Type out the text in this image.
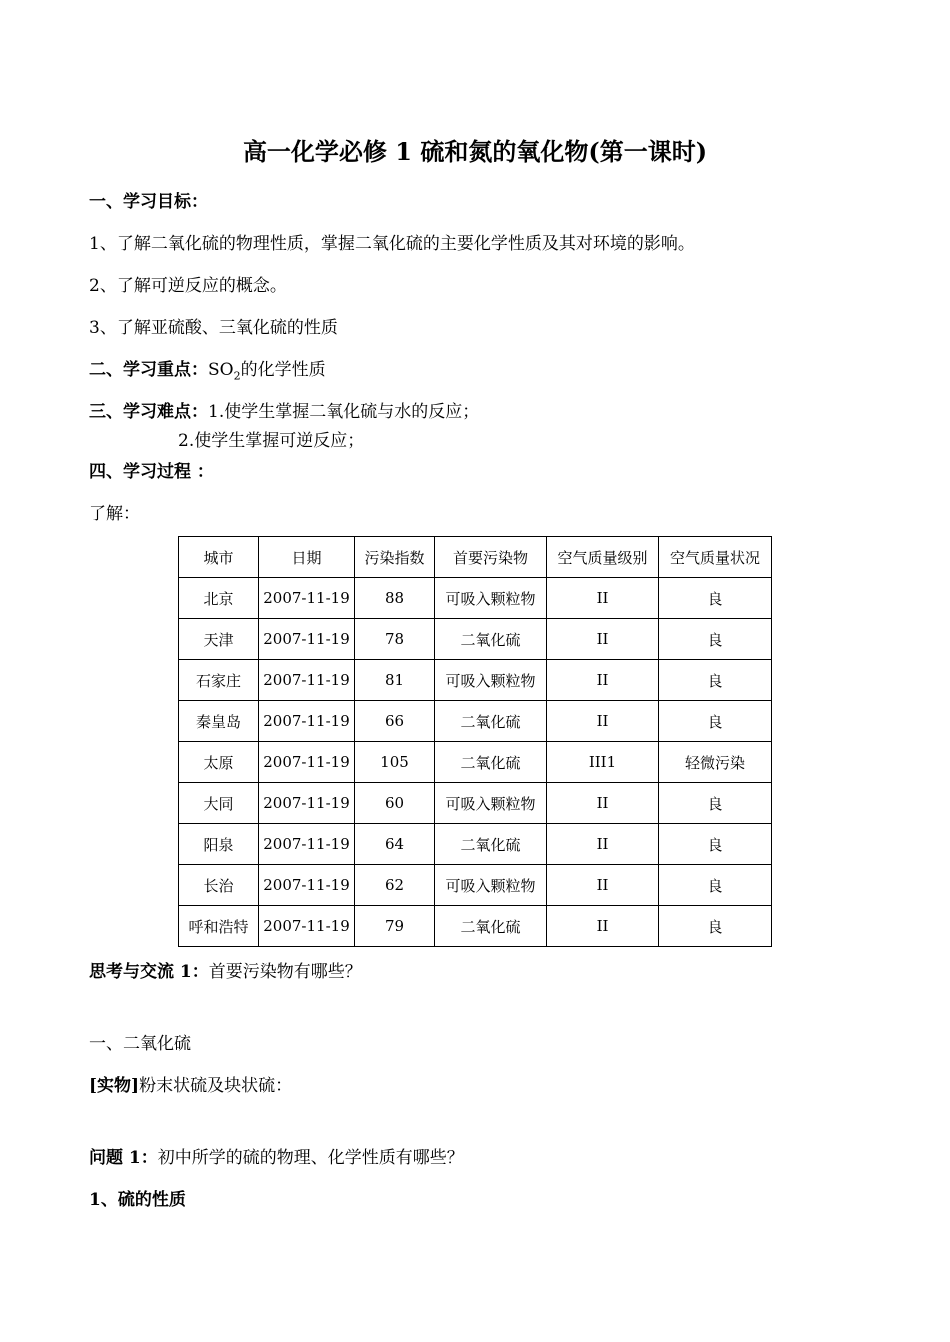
高一化学必修 1 硫和氮的氧化物(第一课时)
一、学习目标：
1、了解二氧化硫的物理性质，掌握二氧化硫的主要化学性质及其对环境的影响。
2、了解可逆反应的概念。
3、了解亚硫酸、三氧化硫的性质
二、学习重点：$SO_2$的化学性质
三、学习难点：1.使学生掌握二氧化硫与水的反应；
2.使学生掌握可逆反应；
四、学习过程 ：
了解：
城市	日期	污染指数	首要污染物	空气质量级别	空气质量状况
北京	2007-11-19	88	可吸入颗粒物	II	良
天津	2007-11-19	78	二氧化硫	II	良
石家庄	2007-11-19	81	可吸入颗粒物	II	良
秦皇岛	2007-11-19	66	二氧化硫	II	良
太原	2007-11-19	105	二氧化硫	III1	轻微污染
大同	2007-11-19	60	可吸入颗粒物	II	良
阳泉	2007-11-19	64	二氧化硫	II	良
长治	2007-11-19	62	可吸入颗粒物	II	良
呼和浩特	2007-11-19	79	二氧化硫	II	良
思考与交流 1：首要污染物有哪些？
一、二氧化硫
[实物]粉末状硫及块状硫：
问题 1：初中所学的硫的物理、化学性质有哪些？
1、硫的性质
